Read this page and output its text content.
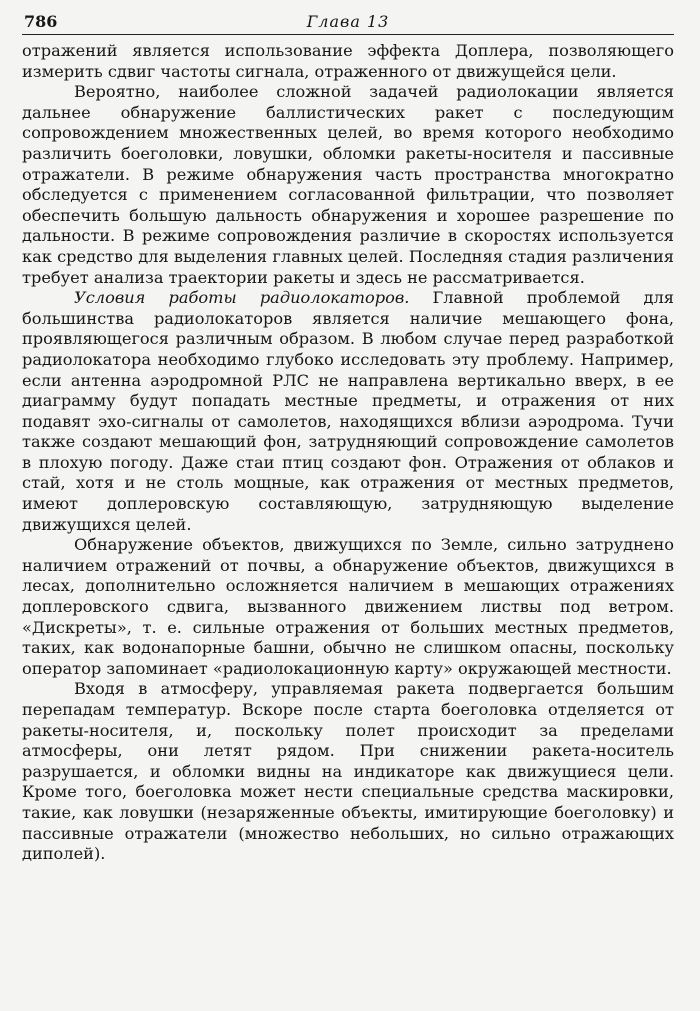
786	Глава 13

отражений является использование эффекта Доплера, позволяющего измерить сдвиг частоты сигнала, отраженного от движущейся цели.

Вероятно, наиболее сложной задачей радиолокации является дальнее обнаружение баллистических ракет с последующим сопровождением множественных целей, во время которого необходимо различить боеголовки, ловушки, обломки ракеты-носителя и пассивные отражатели. В режиме обнаружения часть пространства многократно обследуется с применением согласованной фильтрации, что позволяет обеспечить большую дальность обнаружения и хорошее разрешение по дальности. В режиме сопровождения различие в скоростях используется как средство для выделения главных целей. Последняя стадия различения требует анализа траектории ракеты и здесь не рассматривается.

Условия работы радиолокаторов. Главной проблемой для большинства радиолокаторов является наличие мешающего фона, проявляющегося различным образом. В любом случае перед разработкой радиолокатора необходимо глубоко исследовать эту проблему. Например, если антенна аэродромной РЛС не направлена вертикально вверх, в ее диаграмму будут попадать местные предметы, и отражения от них подавят эхо-сигналы от самолетов, находящихся вблизи аэродрома. Тучи также создают мешающий фон, затрудняющий сопровождение самолетов в плохую погоду. Даже стаи птиц создают фон. Отражения от облаков и стай, хотя и не столь мощные, как отражения от местных предметов, имеют доплеровскую составляющую, затрудняющую выделение движущихся целей.

Обнаружение объектов, движущихся по Земле, сильно затруднено наличием отражений от почвы, а обнаружение объектов, движущихся в лесах, дополнительно осложняется наличием в мешающих отражениях доплеровского сдвига, вызванного движением листвы под ветром. «Дискреты», т. е. сильные отражения от больших местных предметов, таких, как водонапорные башни, обычно не слишком опасны, поскольку оператор запоминает «радиолокационную карту» окружающей местности.

Входя в атмосферу, управляемая ракета подвергается большим перепадам температур. Вскоре после старта боеголовка отделяется от ракеты-носителя, и, поскольку полет происходит за пределами атмосферы, они летят рядом. При снижении ракета-носитель разрушается, и обломки видны на индикаторе как движущиеся цели. Кроме того, боеголовка может нести специальные средства маскировки, такие, как ловушки (незаряженные объекты, имитирующие боеголовку) и пассивные отражатели (множество небольших, но сильно отражающих диполей).
